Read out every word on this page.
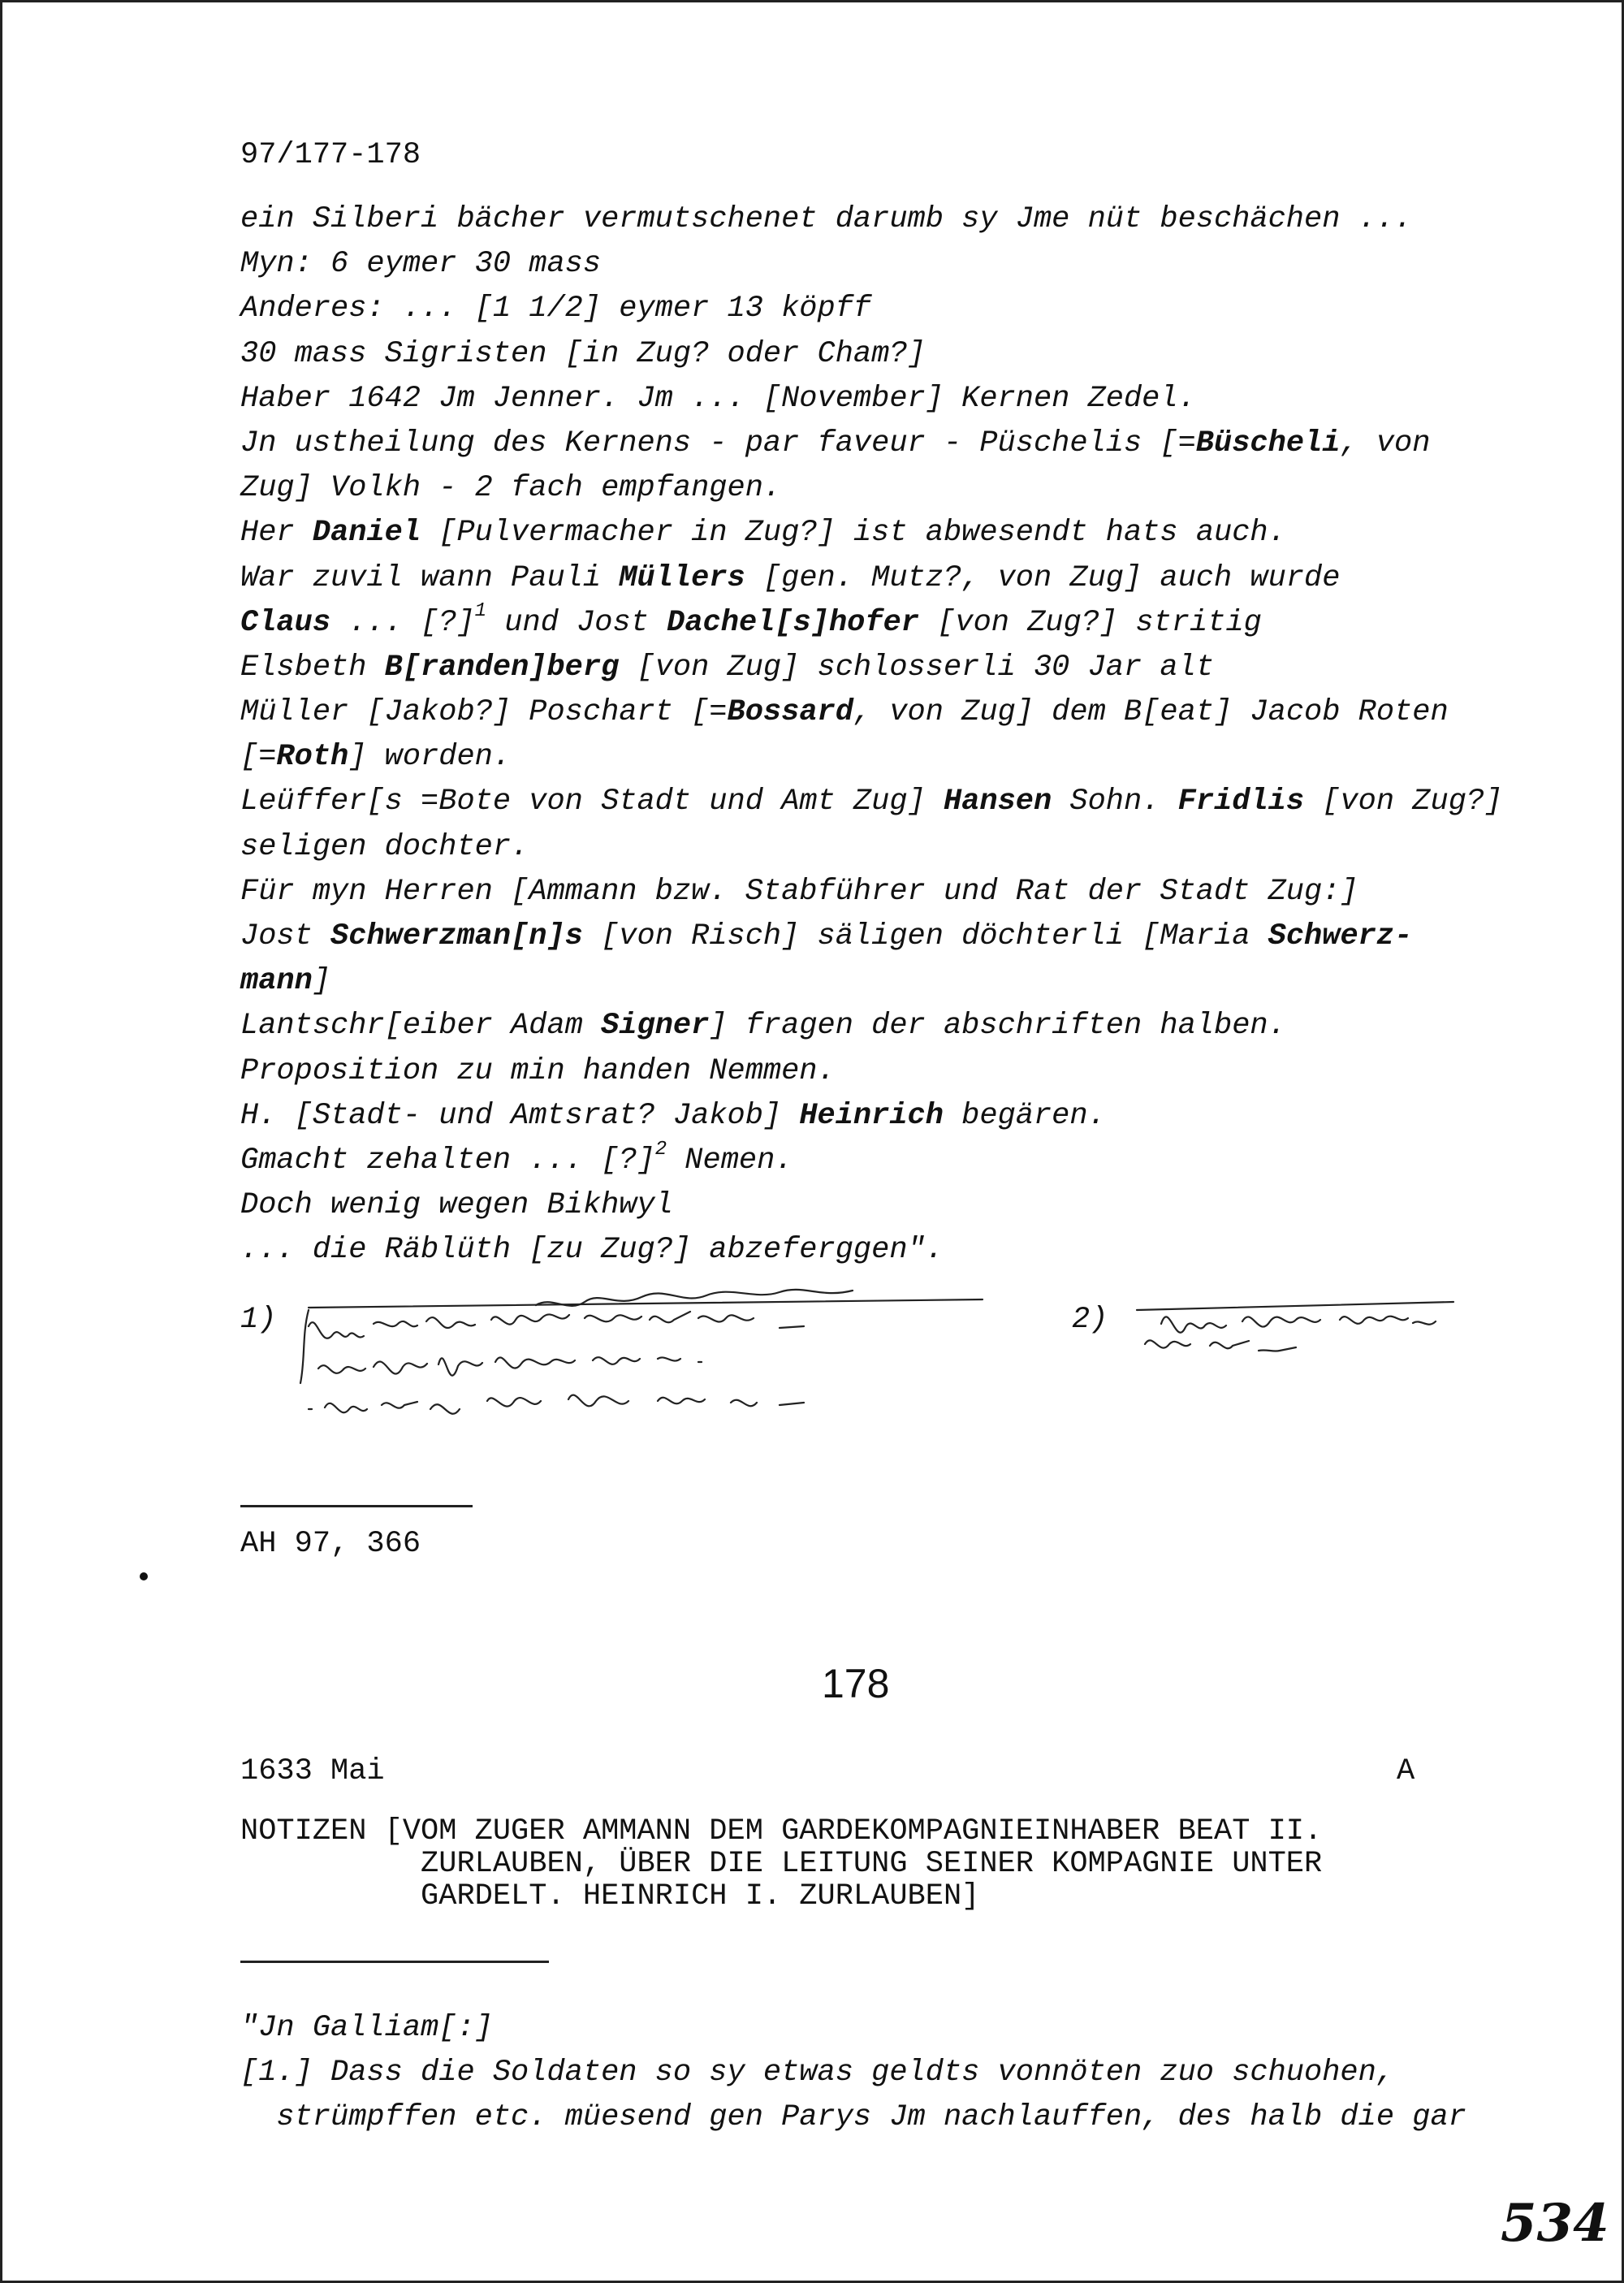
97/177-178
ein Silberi bächer vermutschenet darumb sy Jme nüt beschächen ...
Myn: 6 eymer 30 mass
Anderes: ... [1 1/2] eymer 13 köpff
30 mass Sigristen [in Zug? oder Cham?]
Haber 1642 Jm Jenner. Jm ... [November] Kernen Zedel.
Jn ustheilung des Kernens - par faveur - Püschelis [=Büscheli, von
Zug] Volkh - 2 fach empfangen.
Her Daniel [Pulvermacher in Zug?] ist abwesendt hats auch.
War zuvil wann Pauli Müllers [gen. Mutz?, von Zug] auch wurde
Claus ... [?]$^1$ und Jost Dachel[s]hofer [von Zug?] stritig
Elsbeth B[randen]berg [von Zug] schlosserli 30 Jar alt
Müller [Jakob?] Poschart [=Bossard, von Zug] dem B[eat] Jacob Roten
[=Roth] worden.
Leüffer[s =Bote von Stadt und Amt Zug] Hansen Sohn. Fridlis [von Zug?]
seligen dochter.
Für myn Herren [Ammann bzw. Stabführer und Rat der Stadt Zug:]
Jost Schwerzman[n]s [von Risch] säligen döchterli [Maria Schwerz-
mann]
Lantschr[eiber Adam Signer] fragen der abschriften halben.
Proposition zu min handen Nemmen.
H. [Stadt- und Amtsrat? Jakob] Heinrich begären.
Gmacht zehalten ... [?]$^2$ Nemen.
Doch wenig wegen Bikhwyl
... die Räblüth [zu Zug?] abzeferggen".
1)	2)
AH 97, 366
178
1633 Mai	A
NOTIZEN [VOM ZUGER AMMANN DEM GARDEKOMPAGNIEINHABER BEAT II.
ZURLAUBEN, ÜBER DIE LEITUNG SEINER KOMPAGNIE UNTER
GARDELT. HEINRICH I. ZURLAUBEN]
"Jn Galliam[:]
[1.] Dass die Soldaten so sy etwas geldts vonnöten zuo schuohen,
strümpffen etc. müesend gen Parys Jm nachlauffen, des halb die gar
534
